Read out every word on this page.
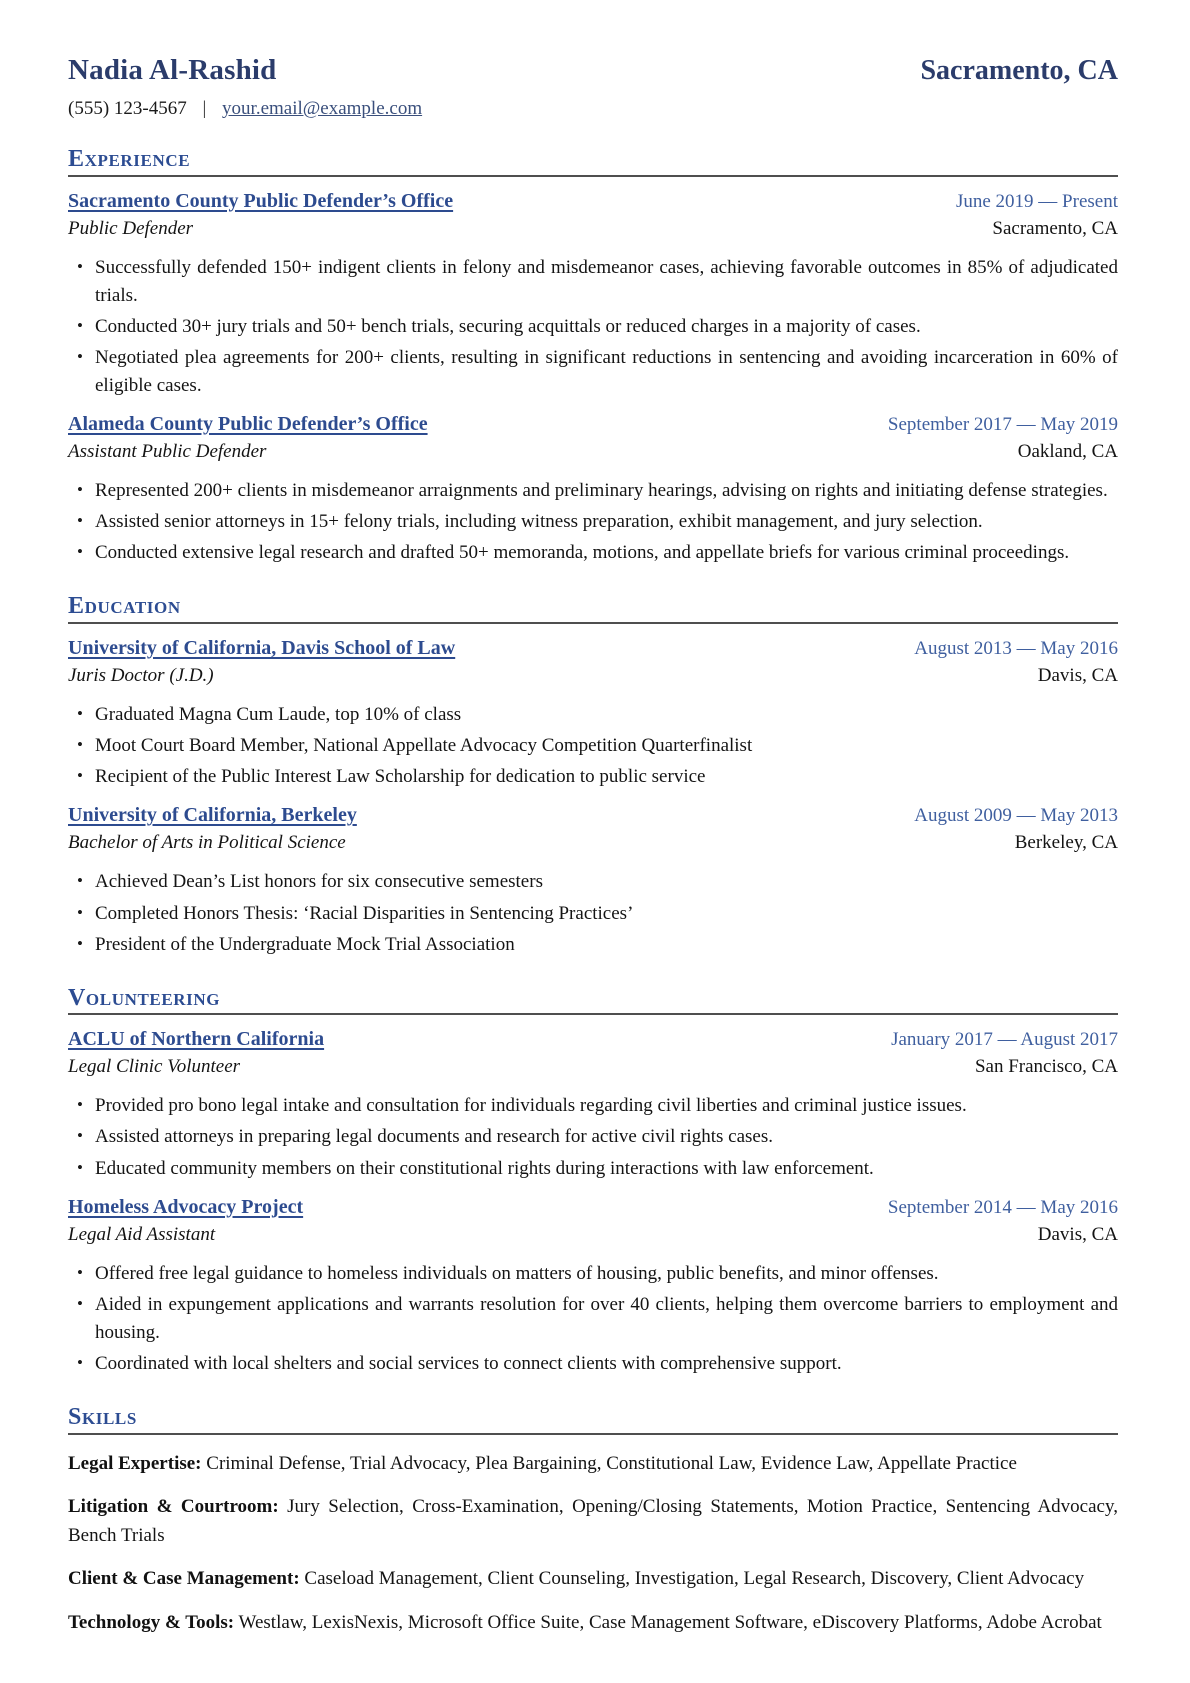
Nadia Al-Rashid	Sacramento, CA
(555) 123-4567 | your.email@example.com
Experience
Sacramento County Public Defender’s Office	June 2019 — Present
Public Defender	Sacramento, CA
• Successfully defended 150+ indigent clients in felony and misdemeanor cases, achieving favorable outcomes in 85% of adjudicated trials.
• Conducted 30+ jury trials and 50+ bench trials, securing acquittals or reduced charges in a majority of cases.
• Negotiated plea agreements for 200+ clients, resulting in significant reductions in sentencing and avoiding incarceration in 60% of eligible cases.
Alameda County Public Defender’s Office	September 2017 — May 2019
Assistant Public Defender	Oakland, CA
• Represented 200+ clients in misdemeanor arraignments and preliminary hearings, advising on rights and initiating defense strategies.
• Assisted senior attorneys in 15+ felony trials, including witness preparation, exhibit management, and jury selection.
• Conducted extensive legal research and drafted 50+ memoranda, motions, and appellate briefs for various criminal proceedings.
Education
University of California, Davis School of Law	August 2013 — May 2016
Juris Doctor (J.D.)	Davis, CA
• Graduated Magna Cum Laude, top 10% of class
• Moot Court Board Member, National Appellate Advocacy Competition Quarterfinalist
• Recipient of the Public Interest Law Scholarship for dedication to public service
University of California, Berkeley	August 2009 — May 2013
Bachelor of Arts in Political Science	Berkeley, CA
• Achieved Dean’s List honors for six consecutive semesters
• Completed Honors Thesis: ‘Racial Disparities in Sentencing Practices’
• President of the Undergraduate Mock Trial Association
Volunteering
ACLU of Northern California	January 2017 — August 2017
Legal Clinic Volunteer	San Francisco, CA
• Provided pro bono legal intake and consultation for individuals regarding civil liberties and criminal justice issues.
• Assisted attorneys in preparing legal documents and research for active civil rights cases.
• Educated community members on their constitutional rights during interactions with law enforcement.
Homeless Advocacy Project	September 2014 — May 2016
Legal Aid Assistant	Davis, CA
• Offered free legal guidance to homeless individuals on matters of housing, public benefits, and minor offenses.
• Aided in expungement applications and warrants resolution for over 40 clients, helping them overcome barriers to employment and housing.
• Coordinated with local shelters and social services to connect clients with comprehensive support.
Skills

Legal Expertise: Criminal Defense, Trial Advocacy, Plea Bargaining, Constitutional Law, Evidence Law, Appellate Practice

Litigation & Courtroom: Jury Selection, Cross-Examination, Opening/Closing Statements, Motion Practice, Sentencing Advocacy, Bench Trials

Client & Case Management: Caseload Management, Client Counseling, Investigation, Legal Research, Discovery, Client Advocacy

Technology & Tools: Westlaw, LexisNexis, Microsoft Office Suite, Case Management Software, eDiscovery Platforms, Adobe Acrobat
